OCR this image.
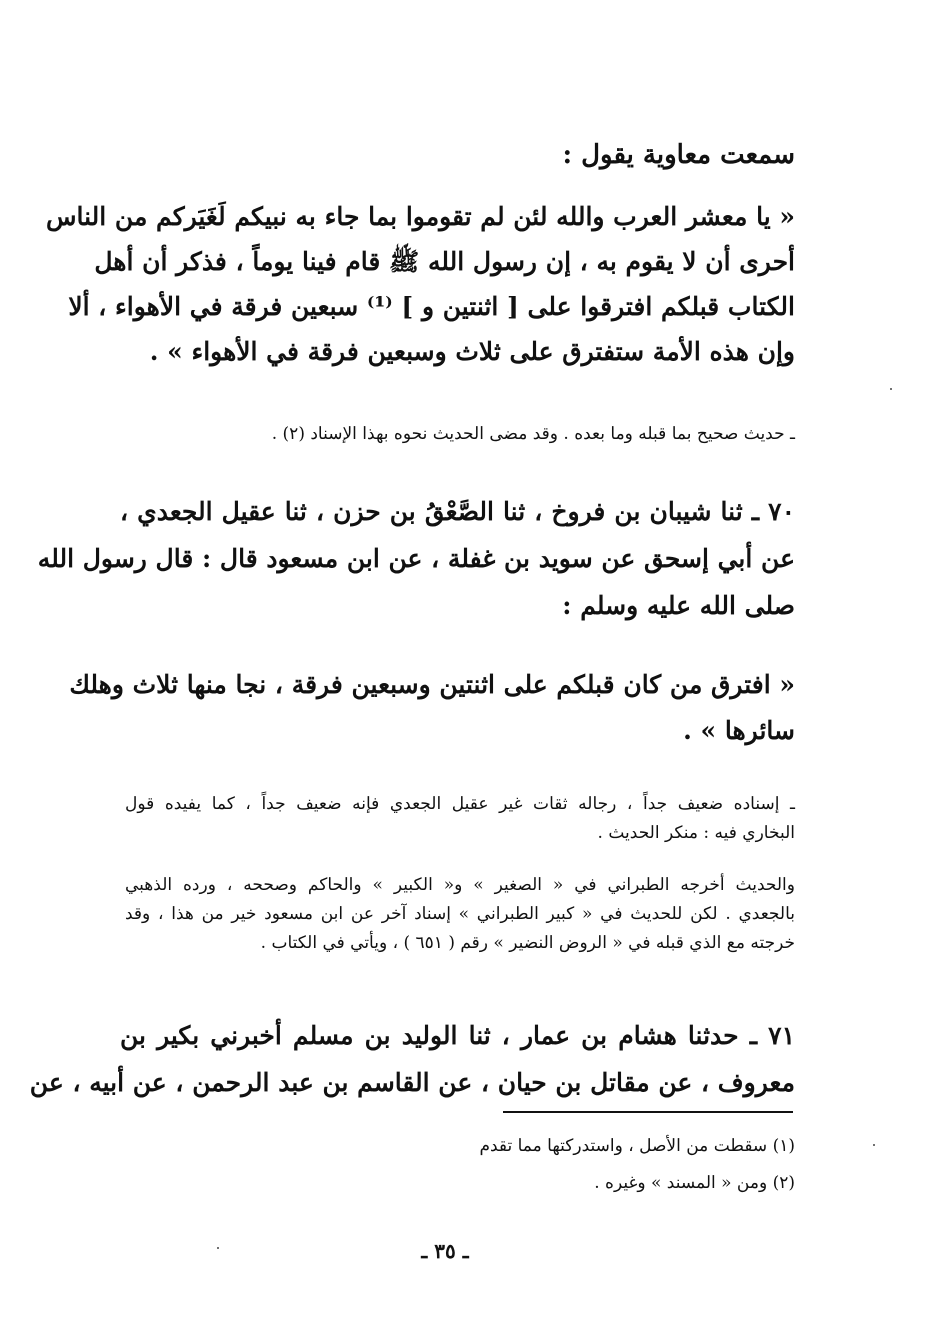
سمعت معاوية يقول :
« يا معشر العرب والله لئن لم تقوموا بما جاء به نبيكم لَغَيَركم من الناس
أحرى أن لا يقوم به ، إن رسول الله ﷺ قام فينا يوماً ، فذكر أن أهل
الكتاب قبلكم افترقوا على [ اثنتين و ] ⁽¹⁾ سبعين فرقة في الأهواء ، ألا
وإن هذه الأمة ستفترق على ثلاث وسبعين فرقة في الأهواء » .
ـ حديث صحيح بما قبله وما بعده . وقد مضى الحديث نحوه بهذا الإسناد (٢) .
٧٠ ـ ثنا شيبان بن فروخ ، ثنا الصَّعْقُ بن حزن ، ثنا عقيل الجعدي ،
عن أبي إسحق عن سويد بن غفلة ، عن ابن مسعود قال : قال رسول الله
صلى الله عليه وسلم :
« افترق من كان قبلكم على اثنتين وسبعين فرقة ، نجا منها ثلاث وهلك
سائرها » .
ـ إسناده ضعيف جداً ، رجاله ثقات غير عقيل الجعدي فإنه ضعيف جداً ، كما يفيده قول
البخاري فيه : منكر الحديث .
والحديث أخرجه الطبراني في « الصغير » و« الكبير » والحاكم وصححه ، ورده الذهبي
بالجعدي . لكن للحديث في « كبير الطبراني » إسناد آخر عن ابن مسعود خير من هذا ، وقد
خرجته مع الذي قبله في « الروض النضير » رقم ( ٦٥١ ) ، ويأتي في الكتاب .
٧١ ـ حدثنا هشام بن عمار ، ثنا الوليد بن مسلم أخبرني بكير بن
معروف ، عن مقاتل بن حيان ، عن القاسم بن عبد الرحمن ، عن أبيه ، عن
(١) سقطت من الأصل ، واستدركتها مما تقدم
(٢) ومن « المسند » وغيره .
ـ ٣٥ ـ
